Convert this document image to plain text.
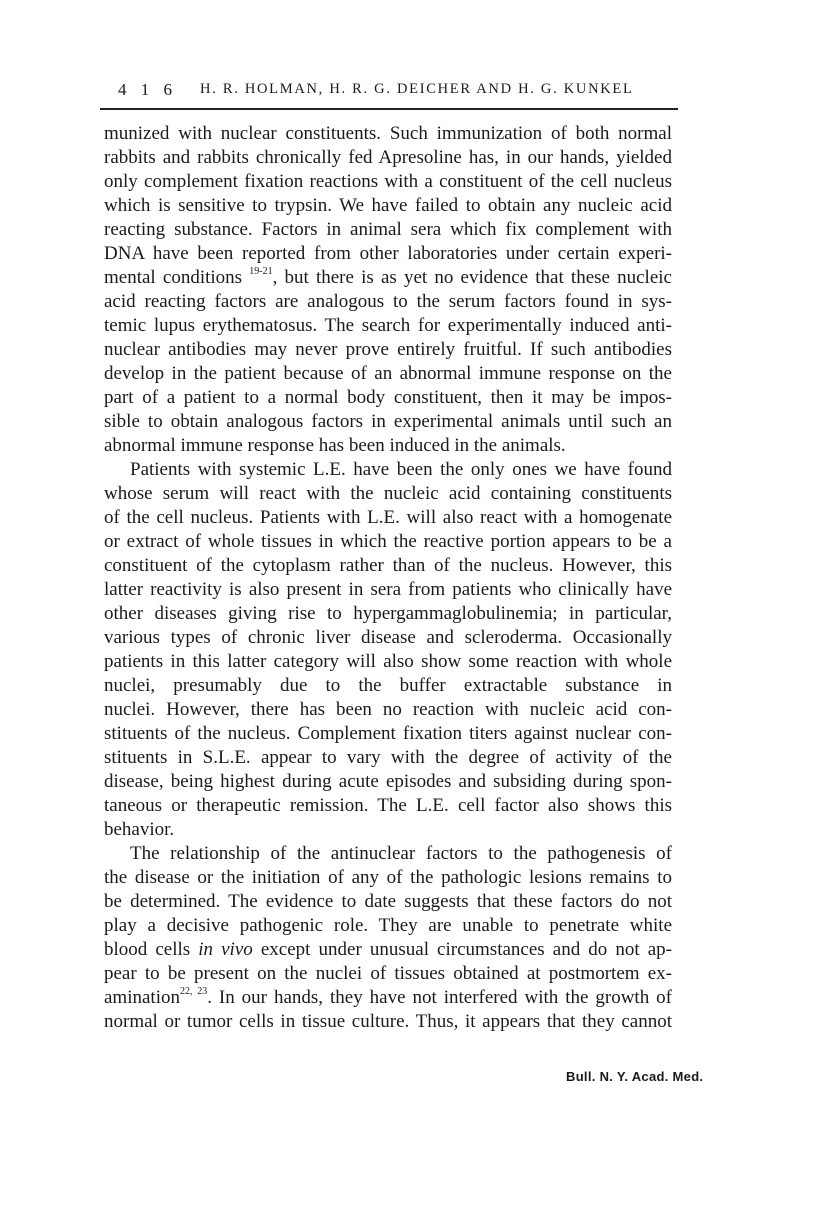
4 1 6 H. R. HOLMAN, H. R. G. DEICHER AND H. G. KUNKEL
munized with nuclear constituents. Such immunization of both normal
rabbits and rabbits chronically fed Apresoline has, in our hands, yielded
only complement fixation reactions with a constituent of the cell nucleus
which is sensitive to trypsin. We have failed to obtain any nucleic acid
reacting substance. Factors in animal sera which fix complement with
DNA have been reported from other laboratories under certain experi-
mental conditions $^{19-21}$, but there is as yet no evidence that these nucleic
acid reacting factors are analogous to the serum factors found in sys-
temic lupus erythematosus. The search for experimentally induced anti-
nuclear antibodies may never prove entirely fruitful. If such antibodies
develop in the patient because of an abnormal immune response on the
part of a patient to a normal body constituent, then it may be impos-
sible to obtain analogous factors in experimental animals until such an
abnormal immune response has been induced in the animals.
Patients with systemic L.E. have been the only ones we have found
whose serum will react with the nucleic acid containing constituents
of the cell nucleus. Patients with L.E. will also react with a homogenate
or extract of whole tissues in which the reactive portion appears to be a
constituent of the cytoplasm rather than of the nucleus. However, this
latter reactivity is also present in sera from patients who clinically have
other diseases giving rise to hypergammaglobulinemia; in particular,
various types of chronic liver disease and scleroderma. Occasionally
patients in this latter category will also show some reaction with whole
nuclei, presumably due to the buffer extractable substance in
nuclei. However, there has been no reaction with nucleic acid con-
stituents of the nucleus. Complement fixation titers against nuclear con-
stituents in S.L.E. appear to vary with the degree of activity of the
disease, being highest during acute episodes and subsiding during spon-
taneous or therapeutic remission. The L.E. cell factor also shows this
behavior.
The relationship of the antinuclear factors to the pathogenesis of
the disease or the initiation of any of the pathologic lesions remains to
be determined. The evidence to date suggests that these factors do not
play a decisive pathogenic role. They are unable to penetrate white
blood cells in vivo except under unusual circumstances and do not ap-
pear to be present on the nuclei of tissues obtained at postmortem ex-
amination$^{22, 23}$. In our hands, they have not interfered with the growth of
normal or tumor cells in tissue culture. Thus, it appears that they cannot
Bull. N. Y. Acad. Med.
